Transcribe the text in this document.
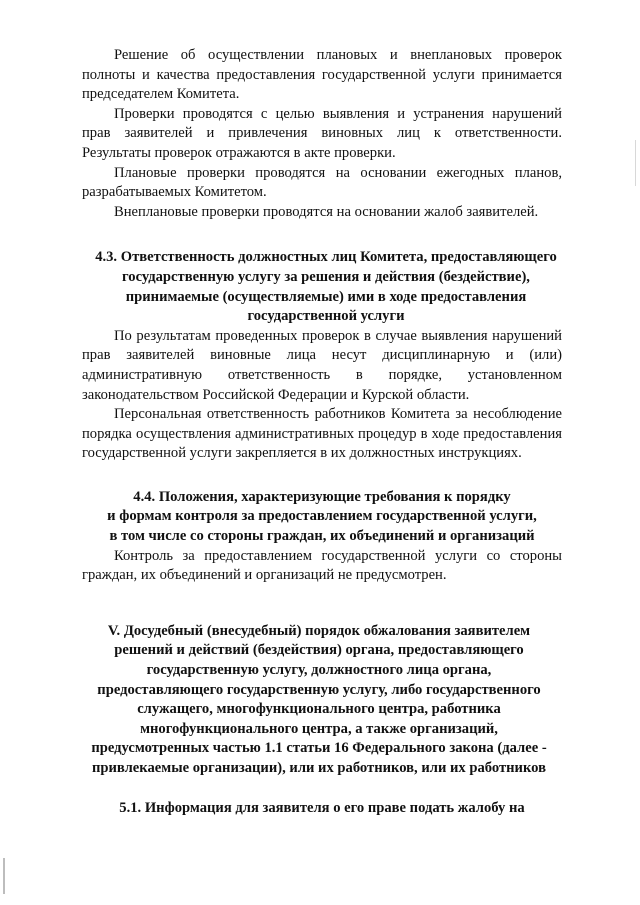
Решение об осуществлении плановых и внеплановых проверок полноты и качества предоставления государственной услуги принимается председателем Комитета.

Проверки проводятся с целью выявления и устранения нарушений прав заявителей и привлечения виновных лиц к ответственности. Результаты проверок отражаются в акте проверки.

Плановые проверки проводятся на основании ежегодных планов, разрабатываемых Комитетом.

Внеплановые проверки проводятся на основании жалоб заявителей.

4.3. Ответственность должностных лиц Комитета, предоставляющего
государственную услугу за решения и действия (бездействие),
принимаемые (осуществляемые) ими в ходе предоставления
государственной услуги

По результатам проведенных проверок в случае выявления нарушений прав заявителей виновные лица несут дисциплинарную и (или) административную ответственность в порядке, установленном законодательством Российской Федерации и Курской области.

Персональная ответственность работников Комитета за несоблюдение порядка осуществления административных процедур в ходе предоставления государственной услуги закрепляется в их должностных инструкциях.

4.4. Положения, характеризующие требования к порядку
и формам контроля за предоставлением государственной услуги,
в том числе со стороны граждан, их объединений и организаций

Контроль за предоставлением государственной услуги со стороны граждан, их объединений и организаций не предусмотрен.

V. Досудебный (внесудебный) порядок обжалования заявителем
решений и действий (бездействия) органа, предоставляющего
государственную услугу, должностного лица органа,
предоставляющего государственную услугу, либо государственного
служащего, многофункционального центра, работника
многофункционального центра, а также организаций,
предусмотренных частью 1.1 статьи 16 Федерального закона (далее -
привлекаемые организации), или их работников, или их работников
5.1. Информация для заявителя о его праве подать жалобу на
